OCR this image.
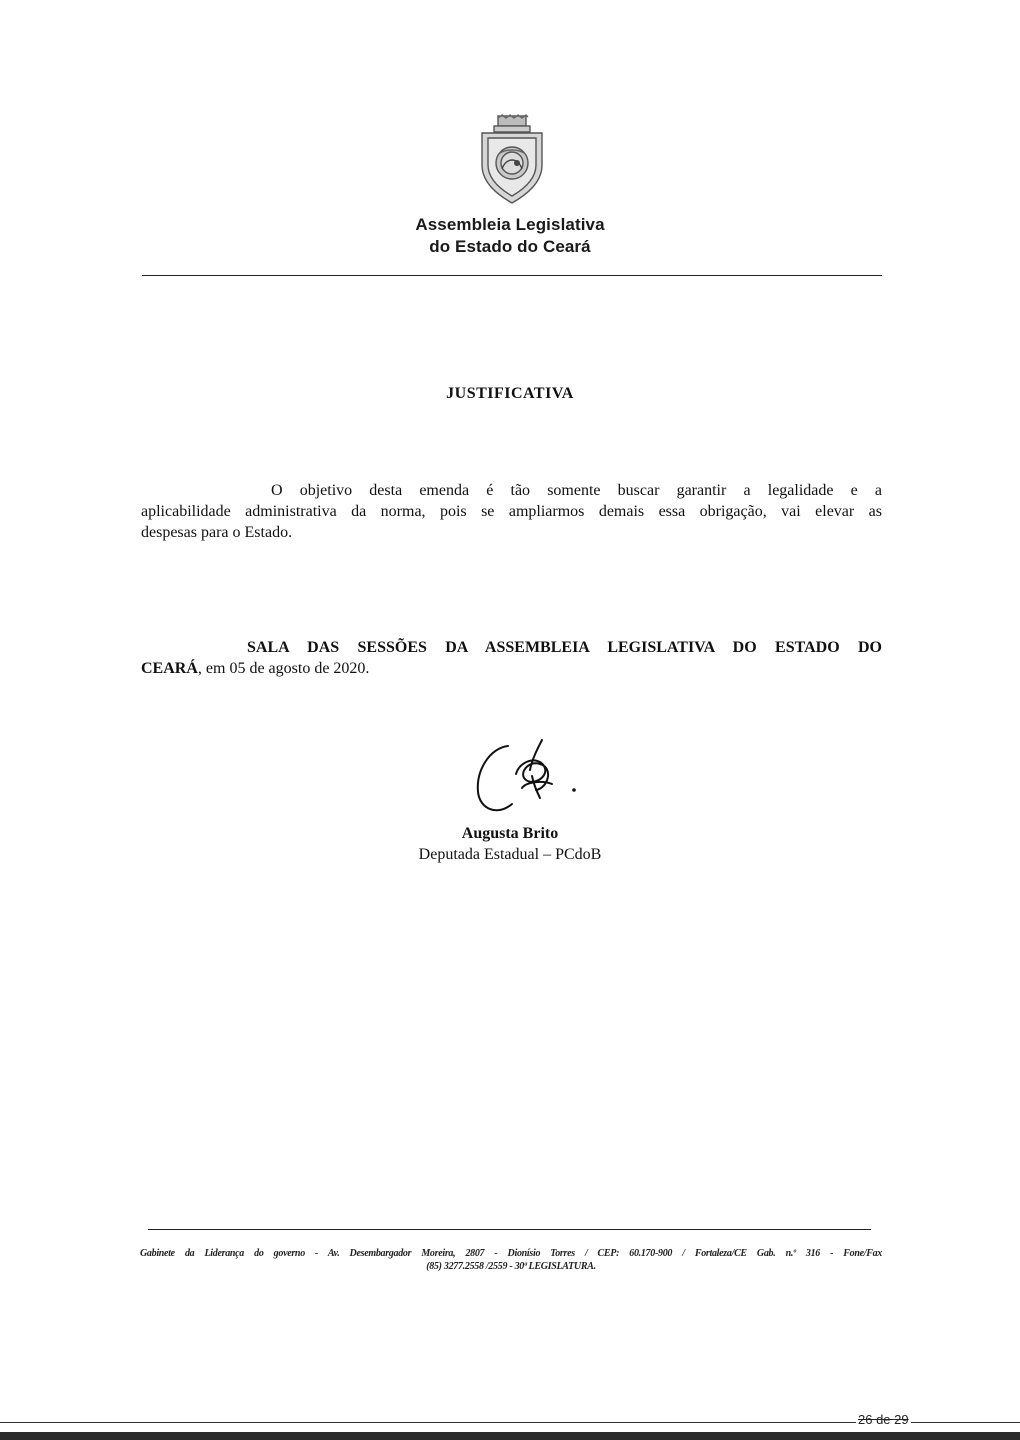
Assembleia Legislativa
do Estado do Ceará
JUSTIFICATIVA
O objetivo desta emenda é tão somente buscar garantir a legalidade e a
aplicabilidade administrativa da norma, pois se ampliarmos demais essa obrigação, vai elevar as
despesas para o Estado.
SALA DAS SESSÕES DA ASSEMBLEIA LEGISLATIVA DO ESTADO DO
CEARÁ, em 05 de agosto de 2020.
Augusta Brito
Deputada Estadual – PCdoB
Gabinete da Liderança do governo - Av. Desembargador Moreira, 2807 - Dionísio Torres / CEP: 60.170-900 / Fortaleza/CE Gab. n.º 316 - Fone/Fax
(85) 3277.2558 /2559 - 30ª LEGISLATURA.
26 de 29
